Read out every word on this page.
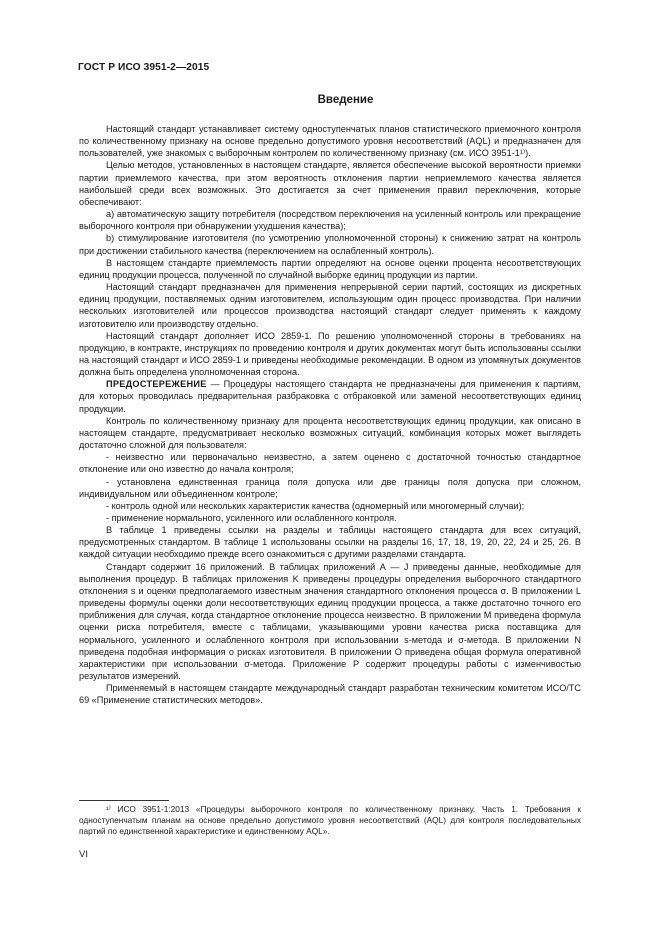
ГОСТ Р ИСО 3951-2—2015
Введение

Настоящий стандарт устанавливает систему одноступенчатых планов статистического приемочного контроля по количественному признаку на основе предельно допустимого уровня несоответствий (AQL) и предназначен для пользователей, уже знакомых с выборочным контролем по количественному признаку (см. ИСО 3951-1¹⁾).

Целью методов, установленных в настоящем стандарте, является обеспечение высокой вероятности приемки партии приемлемого качества, при этом вероятность отклонения партии неприемлемого качества является наибольшей среди всех возможных. Это достигается за счет применения правил переключения, которые обеспечивают:

a) автоматическую защиту потребителя (посредством переключения на усиленный контроль или прекращение выборочного контроля при обнаружении ухудшения качества);

b) стимулирование изготовителя (по усмотрению уполномоченной стороны) к снижению затрат на контроль при достижении стабильного качества (переключением на ослабленный контроль).

В настоящем стандарте приемлемость партии определяют на основе оценки процента несоответствующих единиц продукции процесса, полученной по случайной выборке единиц продукции из партии.

Настоящий стандарт предназначен для применения непрерывной серии партий, состоящих из дискретных единиц продукции, поставляемых одним изготовителем, использующим один процесс производства. При наличии нескольких изготовителей или процессов производства настоящий стандарт следует применять к каждому изготовителю или производству отдельно.

Настоящий стандарт дополняет ИСО 2859-1. По решению уполномоченной стороны в требованиях на продукцию, в контракте, инструкциях по проведению контроля и других документах могут быть использованы ссылки на настоящий стандарт и ИСО 2859-1 и приведены необходимые рекомендации. В одном из упомянутых документов должна быть определена уполномоченная сторона.

ПРЕДОСТЕРЕЖЕНИЕ — Процедуры настоящего стандарта не предназначены для применения к партиям, для которых проводилась предварительная разбраковка с отбраковкой или заменой несоответствующих единиц продукции.

Контроль по количественному признаку для процента несоответствующих единиц продукции, как описано в настоящем стандарте, предусматривает несколько возможных ситуаций, комбинация которых может выглядеть достаточно сложной для пользователя:

- неизвестно или первоначально неизвестно, а затем оценено с достаточной точностью стандартное отклонение или оно известно до начала контроля;

- установлена единственная граница поля допуска или две границы поля допуска при сложном, индивидуальном или объединенном контроле;

- контроль одной или нескольких характеристик качества (одномерный или многомерный случаи);

- применение нормального, усиленного или ослабленного контроля.

В таблице 1 приведены ссылки на разделы и таблицы настоящего стандарта для всех ситуаций, предусмотренных стандартом. В таблице 1 использованы ссылки на разделы 16, 17, 18, 19, 20, 22, 24 и 25, 26. В каждой ситуации необходимо прежде всего ознакомиться с другими разделами стандарта.

Стандарт содержит 16 приложений. В таблицах приложений А — J приведены данные, необходимые для выполнения процедур. В таблицах приложения K приведены процедуры определения выборочного стандартного отклонения s и оценки предполагаемого известным значения стандартного отклонения процесса σ. В приложении L приведены формулы оценки доли несоответствующих единиц продукции процесса, а также достаточно точного его приближения для случая, когда стандартное отклонение процесса неизвестно. В приложении M приведена формула оценки риска потребителя, вместе с таблицами, указывающими уровни качества риска поставщика для нормального, усиленного и ослабленного контроля при использовании s-метода и σ-метода. В приложении N приведена подобная информация о рисках изготовителя. В приложении O приведена общая формула оперативной характеристики при использовании σ-метода. Приложение P содержит процедуры работы с изменчивостью результатов измерений.

Применяемый в настоящем стандарте международный стандарт разработан техническим комитетом ИСО/ТС 69 «Применение статистических методов».

¹⁾ ИСО 3951-1:2013 «Процедуры выборочного контроля по количественному признаку. Часть 1. Требования к одноступенчатым планам на основе предельно допустимого уровня несоответствий (AQL) для контроля последовательных партий по единственной характеристике и единственному AQL».

VI
